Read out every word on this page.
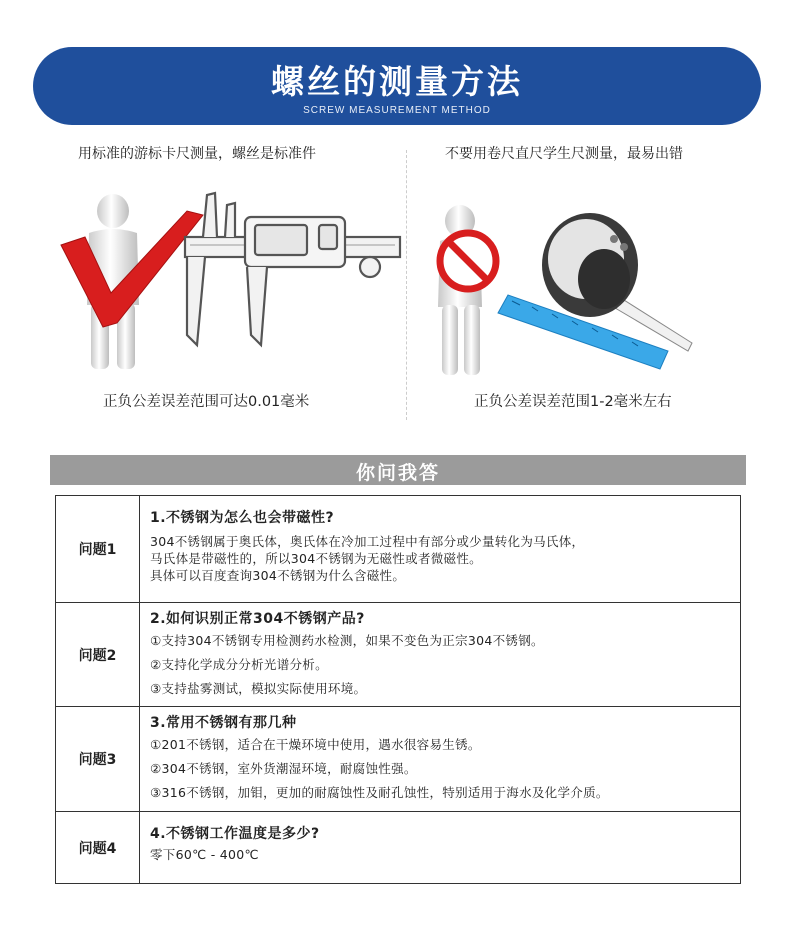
螺丝的测量方法
SCREW MEASUREMENT METHOD
用标准的游标卡尺测量，螺丝是标准件	不要用卷尺直尺学生尺测量，最易出错
正负公差误差范围可达0.01毫米	正负公差误差范围1-2毫米左右
你问我答
问题1
1.不锈钢为怎么也会带磁性?
304不锈钢属于奥氏体，奥氏体在冷加工过程中有部分或少量转化为马氏体，
马氏体是带磁性的，所以304不锈钢为无磁性或者微磁性。
具体可以百度查询304不锈钢为什么含磁性。
问题2
2.如何识别正常304不锈钢产品?
①支持304不锈钢专用检测药水检测，如果不变色为正宗304不锈钢。
②支持化学成分分析光谱分析。
③支持盐雾测试，模拟实际使用环境。
问题3
3.常用不锈钢有那几种
①201不锈钢，适合在干燥环境中使用，遇水很容易生锈。
②304不锈钢，室外货潮湿环境，耐腐蚀性强。
③316不锈钢，加钼，更加的耐腐蚀性及耐孔蚀性，特别适用于海水及化学介质。
问题4
4.不锈钢工作温度是多少?
零下60℃ - 400℃
